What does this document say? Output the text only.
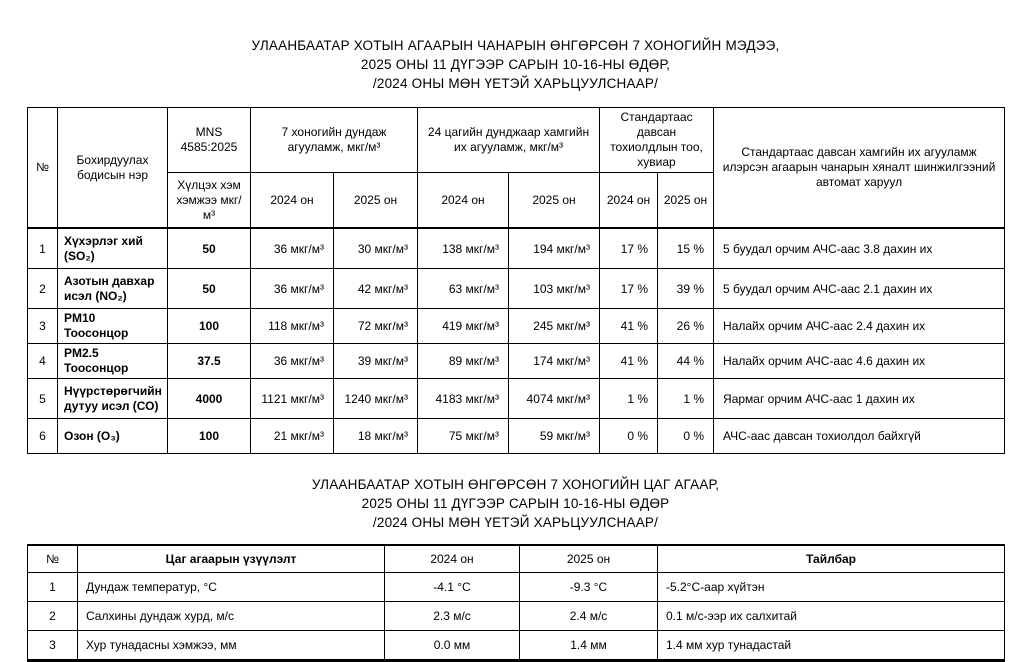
УЛААНБААТАР ХОТЫН АГААРЫН ЧАНАРЫН ӨНГӨРСӨН 7 ХОНОГИЙН МЭДЭЭ,
2025 ОНЫ 11 ДҮГЭЭР САРЫН 10-16-НЫ ӨДӨР,
/2024 ОНЫ МӨН ҮЕТЭЙ ХАРЬЦУУЛСНААР/
№	Бохирдуулах бодисын нэр	MNS 4585:2025	7 хоногийн дундаж агууламж, мкг/м³		24 цагийн дунджаар хамгийн их агууламж, мкг/м³		Стандартаас давсан тохиолдлын тоо, хувиар		Стандартаас давсан хамгийн их агууламж илэрсэн агаарын чанарын хяналт шинжилгээний автомат харуул
		Хүлцэх хэм хэмжээ мкг/м³	2024 он	2025 он	2024 он	2025 он	2024 он	2025 он	
1	Хүхэрлэг хий (SO₂)	50	36 мкг/м³	30 мкг/м³	138 мкг/м³	194 мкг/м³	17 %	15 %	5 буудал орчим АЧС-аас 3.8 дахин их
2	Азотын давхар исэл (NO₂)	50	36 мкг/м³	42 мкг/м³	63 мкг/м³	103 мкг/м³	17 %	39 %	5 буудал орчим АЧС-аас 2.1 дахин их
3	PM10 Тоосонцор	100	118 мкг/м³	72 мкг/м³	419 мкг/м³	245 мкг/м³	41 %	26 %	Налайх орчим АЧС-аас 2.4 дахин их
4	PM2.5 Тоосонцор	37.5	36 мкг/м³	39 мкг/м³	89 мкг/м³	174 мкг/м³	41 %	44 %	Налайх орчим АЧС-аас 4.6 дахин их
5	Нүүрстөрөгчийн дутуу исэл (СО)	4000	1121 мкг/м³	1240 мкг/м³	4183 мкг/м³	4074 мкг/м³	1 %	1 %	Яармаг орчим АЧС-аас 1 дахин их
6	Озон (О₃)	100	21 мкг/м³	18 мкг/м³	75 мкг/м³	59 мкг/м³	0 %	0 %	АЧС-аас давсан тохиолдол байхгүй
УЛААНБААТАР ХОТЫН ӨНГӨРСӨН 7 ХОНОГИЙН ЦАГ АГААР,
2025 ОНЫ 11 ДҮГЭЭР САРЫН 10-16-НЫ ӨДӨР
/2024 ОНЫ МӨН ҮЕТЭЙ ХАРЬЦУУЛСНААР/
№	Цаг агаарын үзүүлэлт	2024 он	2025 он	Тайлбар
1	Дундаж температур, °С	-4.1 °С	-9.3 °С	-5.2°С-аар хүйтэн
2	Салхины дундаж хурд, м/с	2.3 м/с	2.4 м/с	0.1 м/с-ээр их салхитай
3	Хур тунадасны хэмжээ, мм	0.0 мм	1.4 мм	1.4 мм хур тунадастай
